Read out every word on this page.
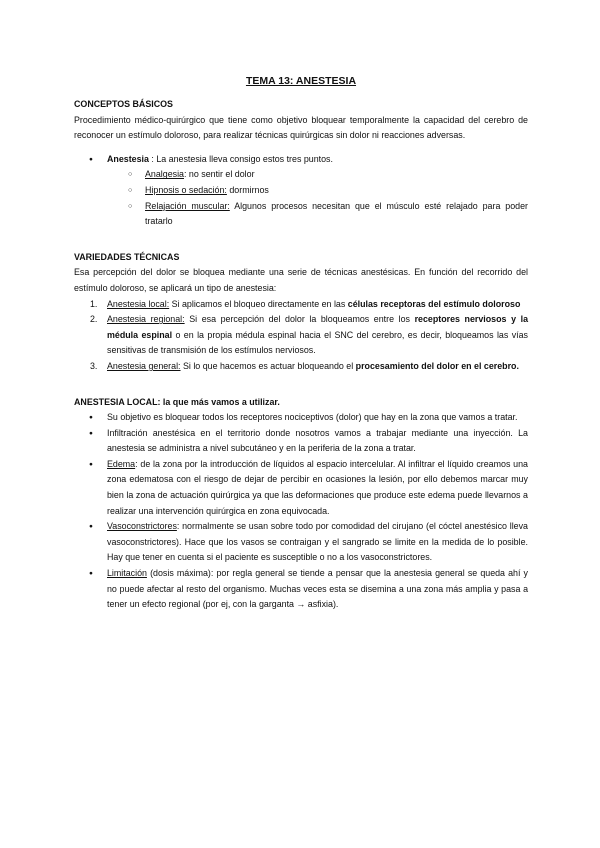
TEMA 13: ANESTESIA
CONCEPTOS BÁSICOS

Procedimiento médico-quirúrgico que tiene como objetivo bloquear temporalmente la capacidad del cerebro de reconocer un estímulo doloroso, para realizar técnicas quirúrgicas sin dolor ni reacciones adversas.

● Anestesia : La anestesia lleva consigo estos tres puntos.
○ Analgesia: no sentir el dolor
○ Hipnosis o sedación: dormirnos
○ Relajación muscular: Algunos procesos necesitan que el músculo esté relajado para poder tratarlo
VARIEDADES TÉCNICAS

Esa percepción del dolor se bloquea mediante una serie de técnicas anestésicas. En función del recorrido del estímulo doloroso, se aplicará un tipo de anestesia:

1. Anestesia local: Si aplicamos el bloqueo directamente en las células receptoras del estímulo doloroso
2. Anestesia regional: Si esa percepción del dolor la bloqueamos entre los receptores nerviosos y la médula espinal o en la propia médula espinal hacia el SNC del cerebro, es decir, bloqueamos las vías sensitivas de transmisión de los estímulos nerviosos.
3. Anestesia general: Si lo que hacemos es actuar bloqueando el procesamiento del dolor en el cerebro.
ANESTESIA LOCAL: la que más vamos a utilizar.
● Su objetivo es bloquear todos los receptores nociceptivos (dolor) que hay en la zona que vamos a tratar.
● Infiltración anestésica en el territorio donde nosotros vamos a trabajar mediante una inyección. La anestesia se administra a nivel subcutáneo y en la periferia de la zona a tratar.
● Edema: de la zona por la introducción de líquidos al espacio intercelular. Al infiltrar el líquido creamos una zona edematosa con el riesgo de dejar de percibir en ocasiones la lesión, por ello debemos marcar muy bien la zona de actuación quirúrgica ya que las deformaciones que produce este edema puede llevarnos a realizar una intervención quirúrgica en zona equivocada.
● Vasoconstrictores: normalmente se usan sobre todo por comodidad del cirujano (el cóctel anestésico lleva vasoconstrictores). Hace que los vasos se contraigan y el sangrado se limite en la medida de lo posible. Hay que tener en cuenta si el paciente es susceptible o no a los vasoconstrictores.
● Limitación (dosis máxima): por regla general se tiende a pensar que la anestesia general se queda ahí y no puede afectar al resto del organismo. Muchas veces esta se disemina a una zona más amplia y pasa a tener un efecto regional (por ej, con la garganta → asfixia).
